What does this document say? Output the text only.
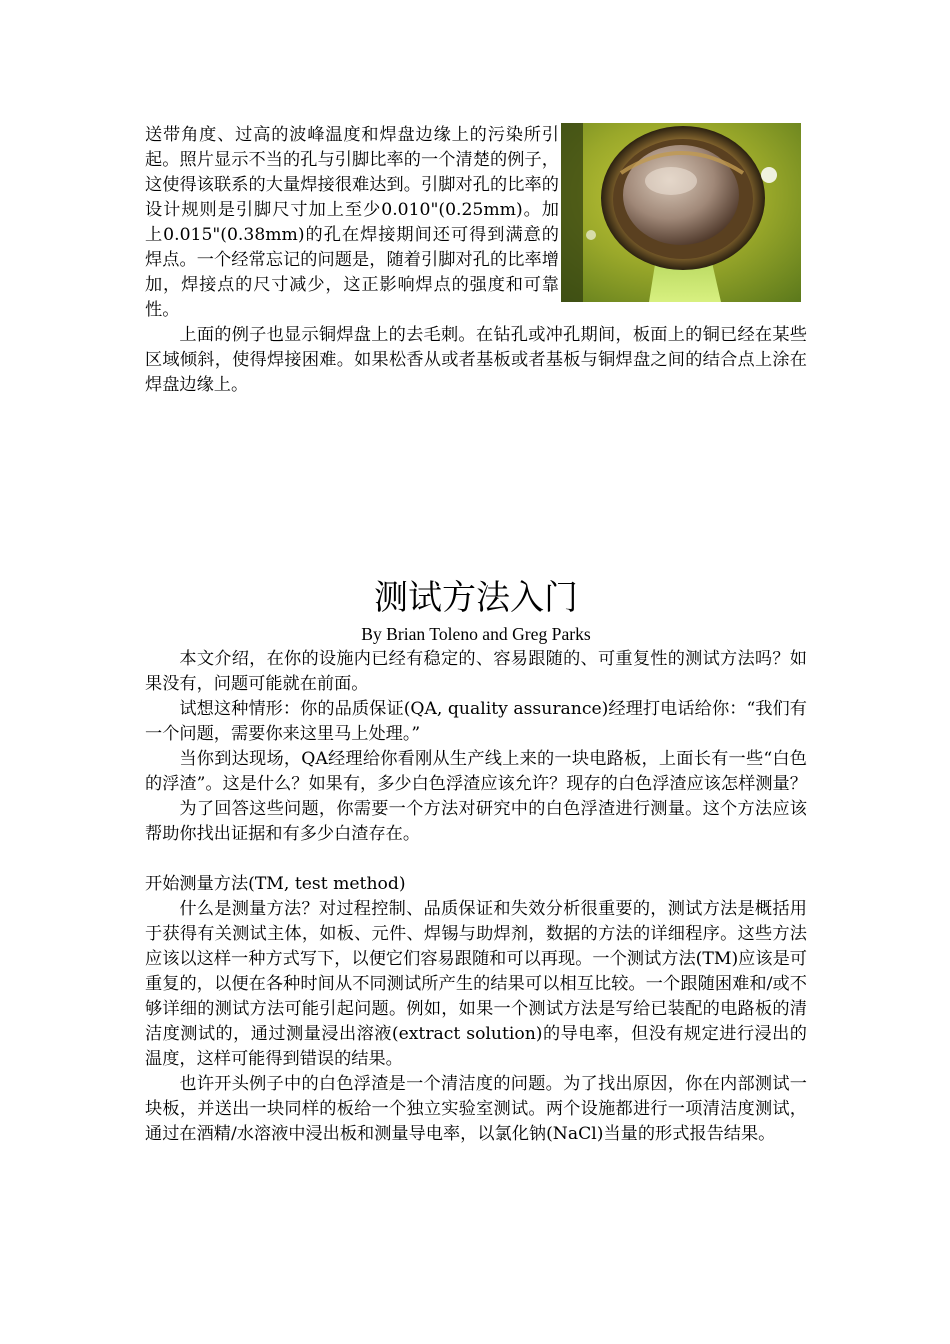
送带角度、过高的波峰温度和焊盘边缘上的污染所引起。照片显示不当的孔与引脚比率的一个清楚的例子，这使得该联系的大量焊接很难达到。引脚对孔的比率的设计规则是引脚尺寸加上至少0.010"(0.25mm)。加上0.015"(0.38mm)的孔在焊接期间还可得到满意的焊点。一个经常忘记的问题是，随着引脚对孔的比率增加，焊接点的尺寸减少，这正影响焊点的强度和可靠性。

上面的例子也显示铜焊盘上的去毛刺。在钻孔或冲孔期间，板面上的铜已经在某些区域倾斜，使得焊接困难。如果松香从或者基板或者基板与铜焊盘之间的结合点上涂在焊盘边缘上。

测试方法入门
By Brian Toleno and Greg Parks

本文介绍，在你的设施内已经有稳定的、容易跟随的、可重复性的测试方法吗？如果没有，问题可能就在前面。

试想这种情形：你的品质保证(QA, quality assurance)经理打电话给你：“我们有一个问题，需要你来这里马上处理。”

当你到达现场，QA经理给你看刚从生产线上来的一块电路板，上面长有一些“白色的浮渣”。这是什么？如果有，多少白色浮渣应该允许？现存的白色浮渣应该怎样测量？

为了回答这些问题，你需要一个方法对研究中的白色浮渣进行测量。这个方法应该帮助你找出证据和有多少白渣存在。

开始测量方法(TM, test method)

什么是测量方法？对过程控制、品质保证和失效分析很重要的，测试方法是概括用于获得有关测试主体，如板、元件、焊锡与助焊剂，数据的方法的详细程序。这些方法应该以这样一种方式写下，以便它们容易跟随和可以再现。一个测试方法(TM)应该是可重复的，以便在各种时间从不同测试所产生的结果可以相互比较。一个跟随困难和/或不够详细的测试方法可能引起问题。例如，如果一个测试方法是写给已装配的电路板的清洁度测试的，通过测量浸出溶液(extract solution)的导电率，但没有规定进行浸出的温度，这样可能得到错误的结果。

也许开头例子中的白色浮渣是一个清洁度的问题。为了找出原因，你在内部测试一块板，并送出一块同样的板给一个独立实验室测试。两个设施都进行一项清洁度测试，通过在酒精/水溶液中浸出板和测量导电率，以氯化钠(NaCl)当量的形式报告结果。
